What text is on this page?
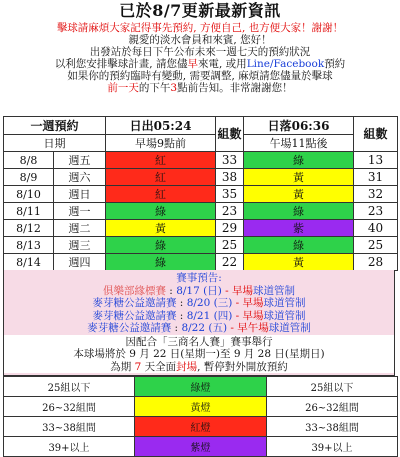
已於8/7更新最新資訊
擊球請麻煩大家記得事先預約, 方便自己, 也方便大家！謝謝！
親愛的淡水會員和來賓, 您好！
出發站於每日下午公布未來一週七天的預約狀況
以利您安排擊球計畫, 請您儘早來電, 或用Line/Facebook預約
如果你的預約臨時有變動, 需要調整, 麻煩請您儘量於擊球
前一天的下午3點前告知。非常謝謝您！
一週預約		日出05:24	組數	日落06:36	組數
日期		早場9點前		午場11點後	
8/8	週五	紅	33	綠	13
8/9	週六	紅	38	黃	31
8/10	週日	紅	35	黃	32
8/11	週一	綠	23	綠	23
8/12	週二	黃	29	紫	40
8/13	週三	綠	25	綠	25
8/14	週四	綠	22	黃	28
賽事預告:
俱樂部緣標賽 : 8/17 (日) - 早場球道管制
麥芽糖公益邀請賽 : 8/20 (三) - 早場球道管制
麥芽糖公益邀請賽 : 8/21 (四) - 早場球道管制
麥芽糖公益邀請賽 : 8/22 (五) - 早午場球道管制
因配合「三商名人賽」賽事舉行
本球場將於 9 月 22 日(星期一)至 9 月 28 日(星期日)
為期 7 天全面封場, 暫停對外開放預約
25組以下	綠燈	25組以下
26~32組間	黃燈	26~32組間
33~38組間	紅燈	33~38組間
39+以上	紫燈	39+以上
